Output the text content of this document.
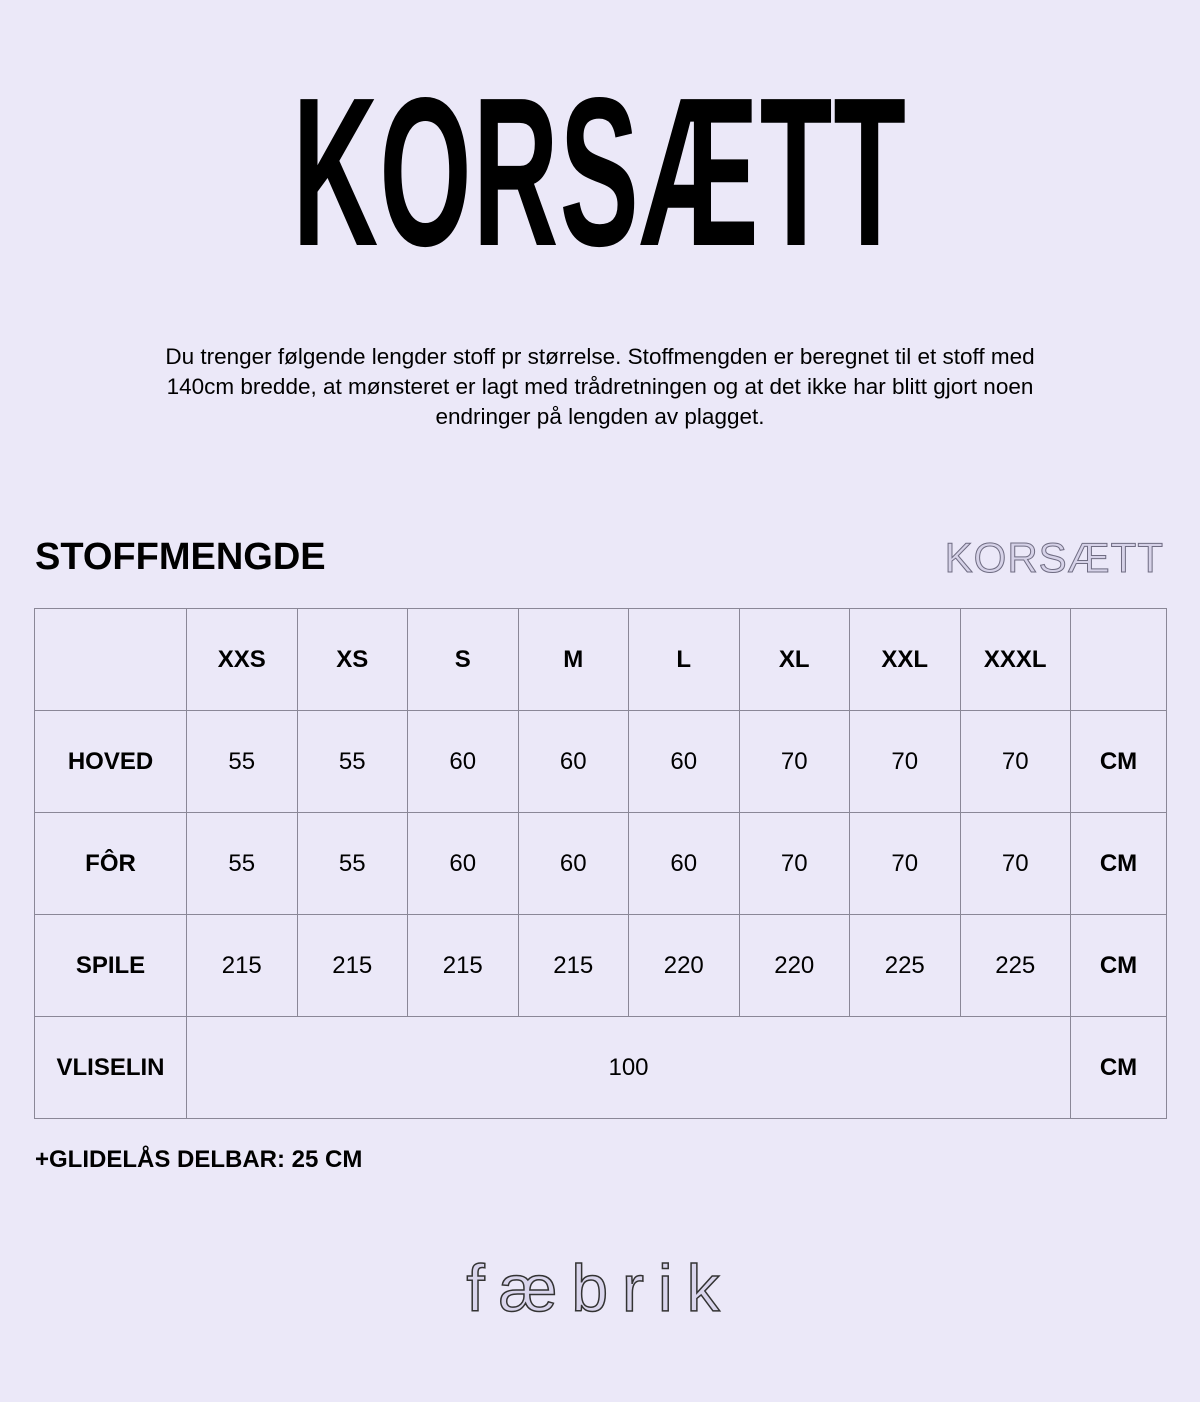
KORSÆTT
Du trenger følgende lengder stoff pr størrelse. Stoffmengden er beregnet til et stoff med 140cm bredde, at mønsteret er lagt med trådretningen og at det ikke har blitt gjort noen endringer på lengden av plagget.
STOFFMENGDE	KORSÆTT
	XXS	XS	S	M	L	XL	XXL	XXXL	
HOVED	55	55	60	60	60	70	70	70	CM
FÔR	55	55	60	60	60	70	70	70	CM
SPILE	215	215	215	215	220	220	225	225	CM
VLISELIN	100								CM
+GLIDELÅS DELBAR: 25 CM
fæbrik
